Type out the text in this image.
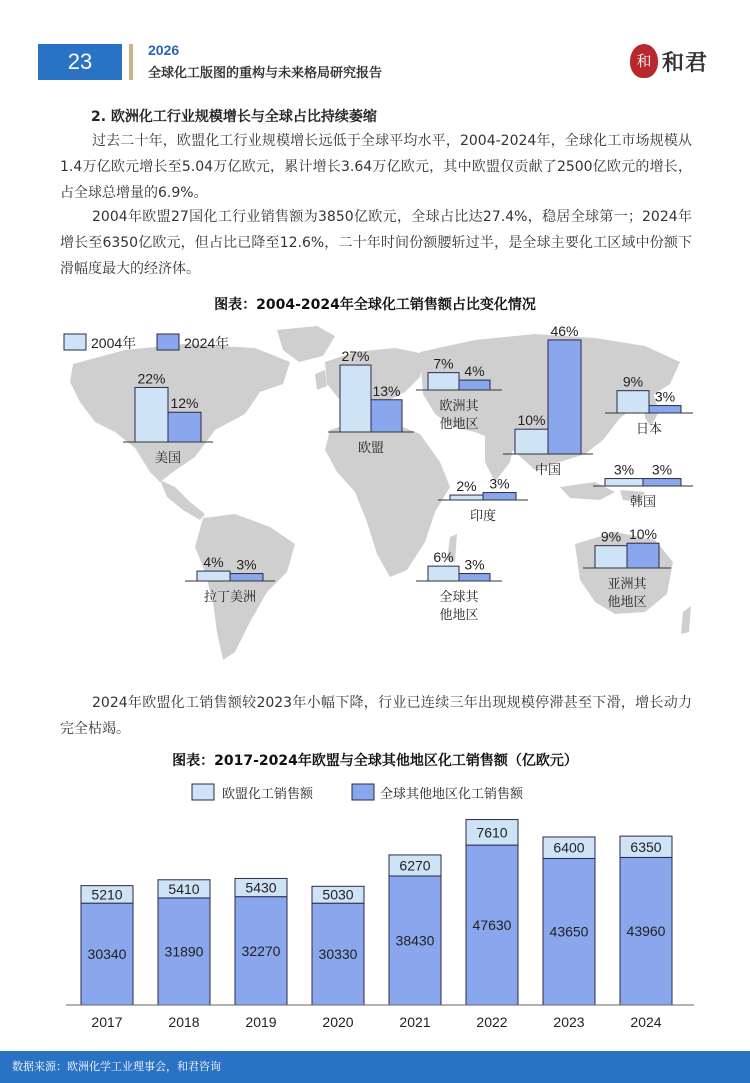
23	2026
全球化工版图的重构与未来格局研究报告
和 和君
2. 欧洲化工行业规模增长与全球占比持续萎缩
过去二十年，欧盟化工行业规模增长远低于全球平均水平，2004-2024年，全球化工市场规模从1.4万亿欧元增长至5.04万亿欧元，累计增长3.64万亿欧元，其中欧盟仅贡献了2500亿欧元的增长，占全球总增量的6.9%。
2004年欧盟27国化工行业销售额为3850亿欧元，全球占比达27.4%，稳居全球第一；2024年增长至6350亿欧元，但占比已降至12.6%，二十年时间份额腰斩过半，是全球主要化工区域中份额下滑幅度最大的经济体。
图表：2004-2024年全球化工销售额占比变化情况
2004年	2024年
22%
12%
美国
27%
13%
欧盟
7% 4%
欧洲其
他地区	10%
46%
中国
9%
3%
日本
3% 3%
韩国
2% 3%
印度
4% 3%
拉丁美洲
6% 3%
全球其
他地区
9% 10%
亚洲其
他地区
2024年欧盟化工销售额较2023年小幅下降，行业已连续三年出现规模停滞甚至下滑，增长动力完全枯竭。
图表：2017-2024年欧盟与全球其他地区化工销售额（亿欧元）
欧盟化工销售额	全球其他地区化工销售额
30340
5210
31890
5410
32270
5430
30330
5030
38430
6270
47630
7610
43650
6400
43960
6350
2017	2018	2019	2020	2021	2022	2023	2024
数据来源：欧洲化学工业理事会，和君咨询
